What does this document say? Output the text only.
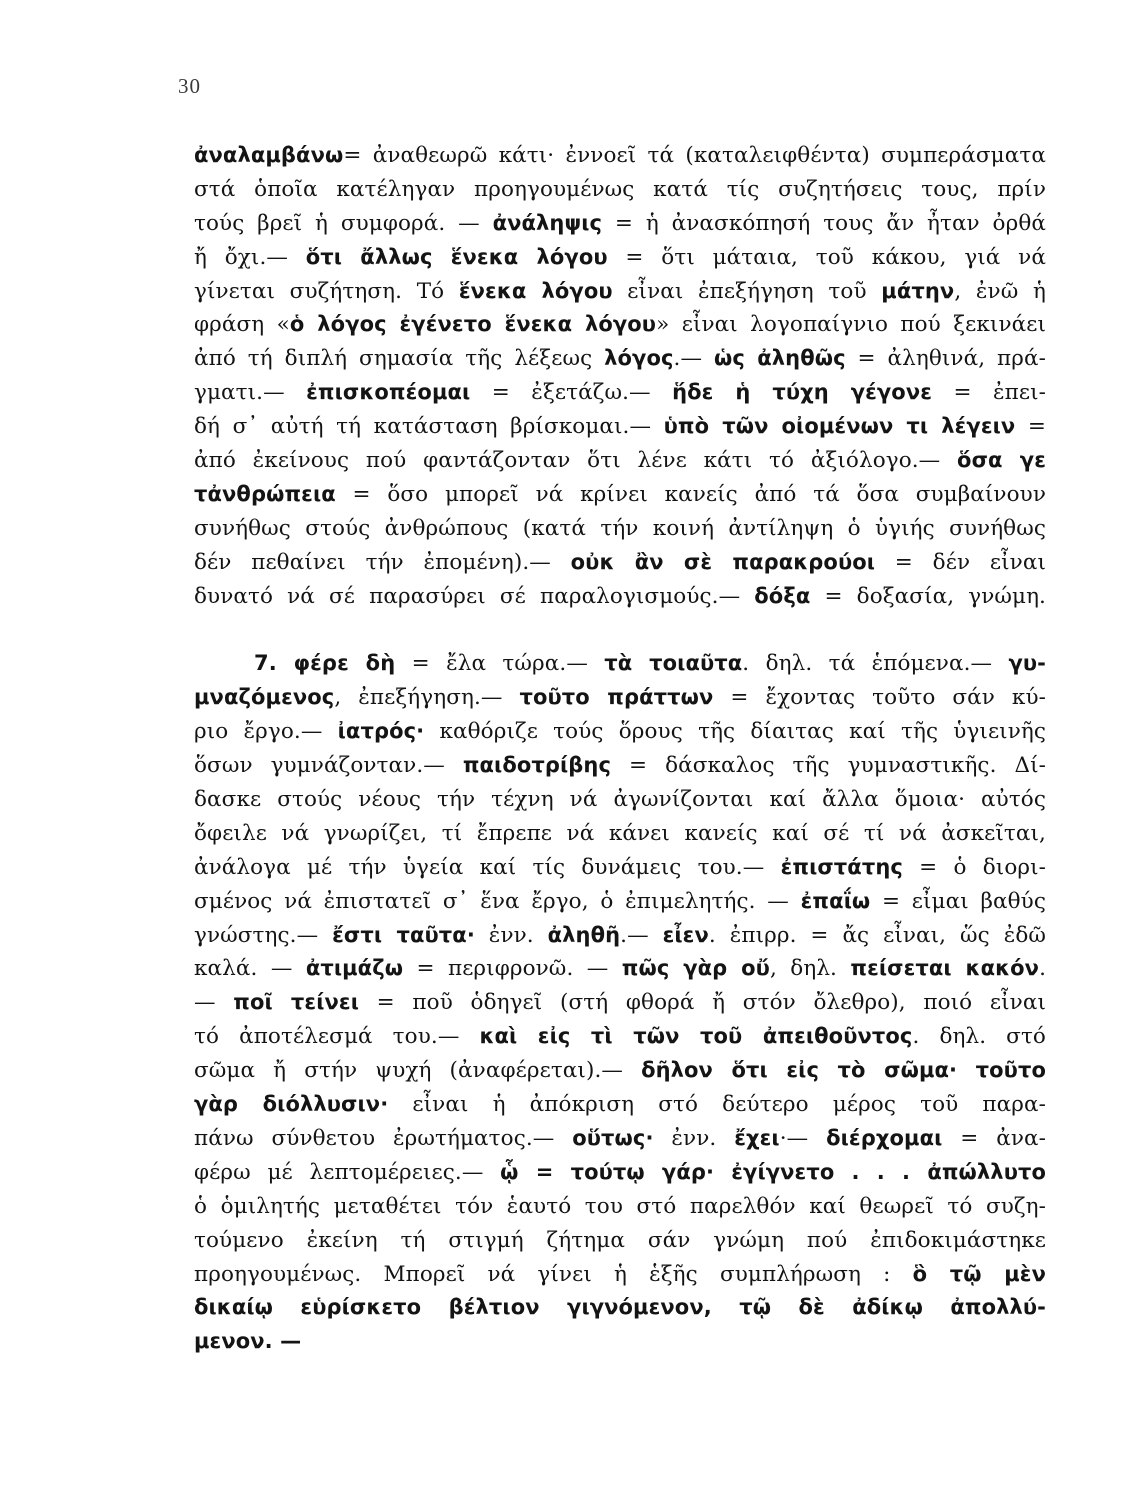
30
ἀναλαμβάνω= ἀναθεωρῶ κάτι· ἐννοεῖ τά (καταλειφθέντα) συμπεράσματα
στά ὁποῖα κατέληγαν προηγουμένως κατά τίς συζητήσεις τους, πρίν
τούς βρεῖ ἡ συμφορά. — ἀνάληψις = ἡ ἀνασκόπησή τους ἄν ἦταν ὀρθά
ἤ ὄχι.— ὅτι ἄλλως ἕνεκα λόγου = ὅτι μάταια, τοῦ κάκου, γιά νά
γίνεται συζήτηση. Τό ἕνεκα λόγου εἶναι ἐπεξήγηση τοῦ μάτην, ἐνῶ ἡ
φράση «ὁ λόγος ἐγένετο ἕνεκα λόγου» εἶναι λογοπαίγνιο πού ξεκινάει
ἀπό τή διπλή σημασία τῆς λέξεως λόγος.— ὡς ἀληθῶς = ἀληθινά, πρά-
γματι.— ἐπισκοπέομαι = ἐξετάζω.— ἥδε ἡ τύχη γέγονε = ἐπει-
δή σ᾽ αὐτή τή κατάσταση βρίσκομαι.— ὑπὸ τῶν οἰομένων τι λέγειν =
ἀπό ἐκείνους πού φαντάζονταν ὅτι λένε κάτι τό ἀξιόλογο.— ὅσα γε
τἀνθρώπεια = ὅσο μπορεῖ νά κρίνει κανείς ἀπό τά ὅσα συμβαίνουν
συνήθως στούς ἀνθρώπους (κατά τήν κοινή ἀντίληψη ὁ ὑγιής συνήθως
δέν πεθαίνει τήν ἐπομένη).— οὐκ ἂν σὲ παρακρούοι = δέν εἶναι
δυνατό νά σέ παρασύρει σέ παραλογισμούς.— δόξα = δοξασία, γνώμη.
7. φέρε δὴ = ἔλα τώρα.— τὰ τοιαῦτα. δηλ. τά ἑπόμενα.— γυ-
μναζόμενος, ἐπεξήγηση.— τοῦτο πράττων = ἔχοντας τοῦτο σάν κύ-
ριο ἔργο.— ἰατρός· καθόριζε τούς ὅρους τῆς δίαιτας καί τῆς ὑγιεινῆς
ὅσων γυμνάζονταν.— παιδοτρίβης = δάσκαλος τῆς γυμναστικῆς. Δί-
δασκε στούς νέους τήν τέχνη νά ἀγωνίζονται καί ἄλλα ὅμοια· αὐτός
ὄφειλε νά γνωρίζει, τί ἔπρεπε νά κάνει κανείς καί σέ τί νά ἀσκεῖται,
ἀνάλογα μέ τήν ὑγεία καί τίς δυνάμεις του.— ἐπιστάτης = ὁ διορι-
σμένος νά ἐπιστατεῖ σ᾽ ἕνα ἔργο, ὁ ἐπιμελητής. — ἐπαΐω = εἶμαι βαθύς
γνώστης.— ἔστι ταῦτα· ἐνν. ἀληθῆ.— εἶεν. ἐπιρρ. = ἄς εἶναι, ὥς ἐδῶ
καλά. — ἀτιμάζω = περιφρονῶ. — πῶς γὰρ οὔ, δηλ. πείσεται κακόν.
— ποῖ τείνει = ποῦ ὁδηγεῖ (στή φθορά ἤ στόν ὄλεθρο), ποιό εἶναι
τό ἀποτέλεσμά του.— καὶ εἰς τὶ τῶν τοῦ ἀπειθοῦντος. δηλ. στό
σῶμα ἤ στήν ψυχή (ἀναφέρεται).— δῆλον ὅτι εἰς τὸ σῶμα· τοῦτο
γὰρ διόλλυσιν· εἶναι ἡ ἀπόκριση στό δεύτερο μέρος τοῦ παρα-
πάνω σύνθετου ἐρωτήματος.— οὕτως· ἐνν. ἔχει·— διέρχομαι = ἀνα-
φέρω μέ λεπτομέρειες.— ᾧ = τούτῳ γάρ· ἐγίγνετο . . . ἀπώλλυτο
ὁ ὁμιλητής μεταθέτει τόν ἑαυτό του στό παρελθόν καί θεωρεῖ τό συζη-
τούμενο ἐκείνη τή στιγμή ζήτημα σάν γνώμη πού ἐπιδοκιμάστηκε
προηγουμένως. Μπορεῖ νά γίνει ἡ ἑξῆς συμπλήρωση : ὃ τῷ μὲν
δικαίῳ εὑρίσκετο βέλτιον γιγνόμενον, τῷ δὲ ἀδίκῳ ἀπολλύ-
μενον. —
